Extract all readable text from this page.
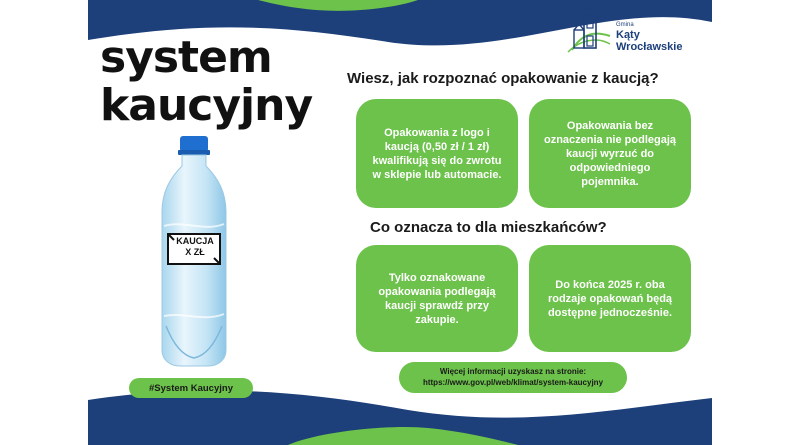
system
kaucyjny
Gmina
Kąty
Wrocławskie
Wiesz, jak rozpoznać opakowanie z kaucją?
Opakowania z logo i kaucją (0,50 zł / 1 zł) kwalifikują się do zwrotu w sklepie lub automacie.
Opakowania bez oznaczenia nie podlegają kaucji wyrzuć do odpowiedniego pojemnika.
Co oznacza to dla mieszkańców?
Tylko oznakowane opakowania podlegają kaucji sprawdź przy zakupie.
Do końca 2025 r. oba rodzaje opakowań będą dostępne jednocześnie.
Więcej informacji uzyskasz na stronie:
https://www.gov.pl/web/klimat/system-kaucyjny
KAUCJA
X ZŁ
#System Kaucyjny
